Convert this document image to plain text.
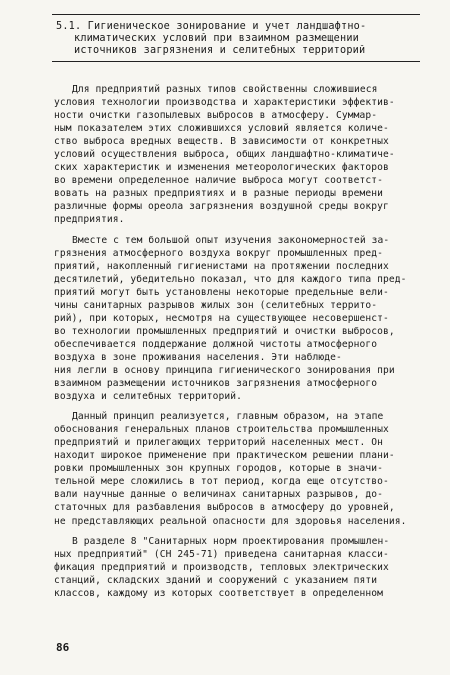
5.1. Гигиеническое зонирование и учет ландшафтно-
климатических условий при взаимном размещении
источников загрязнения и селитебных территорий
Для предприятий разных типов свойственны сложившиеся
условия технологии производства и характеристики эффектив-
ности очистки газопылевых выбросов в атмосферу. Суммар-
ным показателем этих сложившихся условий является количе-
ство выброса вредных веществ. В зависимости от конкретных
условий осуществления выброса, общих ландшафтно-климатиче-
ских характеристик и изменения метеорологических факторов
во времени определенное наличие выброса могут соответст-
вовать на разных предприятиях и в разные периоды времени
различные формы ореола загрязнения воздушной среды вокруг
предприятия.
Вместе с тем большой опыт изучения закономерностей за-
грязнения атмосферного воздуха вокруг промышленных пред-
приятий, накопленный гигиенистами на протяжении последних
десятилетий, убедительно показал, что для каждого типа пред-
приятий могут быть установлены некоторые предельные вели-
чины санитарных разрывов жилых зон (селитебных террито-
рий), при которых, несмотря на существующее несовершенст-
во технологии промышленных предприятий и очистки выбросов,
обеспечивается поддержание должной чистоты атмосферного
воздуха в зоне проживания населения. Эти наблюде-
ния легли в основу принципа гигиенического зонирования при
взаимном размещении источников загрязнения атмосферного
воздуха и селитебных территорий.
Данный принцип реализуется, главным образом, на этапе
обоснования генеральных планов строительства промышленных
предприятий и прилегающих территорий населенных мест. Он
находит широкое применение при практическом решении плани-
ровки промышленных зон крупных городов, которые в значи-
тельной мере сложились в тот период, когда еще отсутство-
вали научные данные о величинах санитарных разрывов, до-
статочных для разбавления выбросов в атмосферу до уровней,
не представляющих реальной опасности для здоровья населения.
В разделе 8 "Санитарных норм проектирования промышлен-
ных предприятий" (СН 245-71) приведена санитарная класси-
фикация предприятий и производств, тепловых электрических
станций, складских зданий и сооружений с указанием пяти
классов, каждому из которых соответствует в определенном
86
